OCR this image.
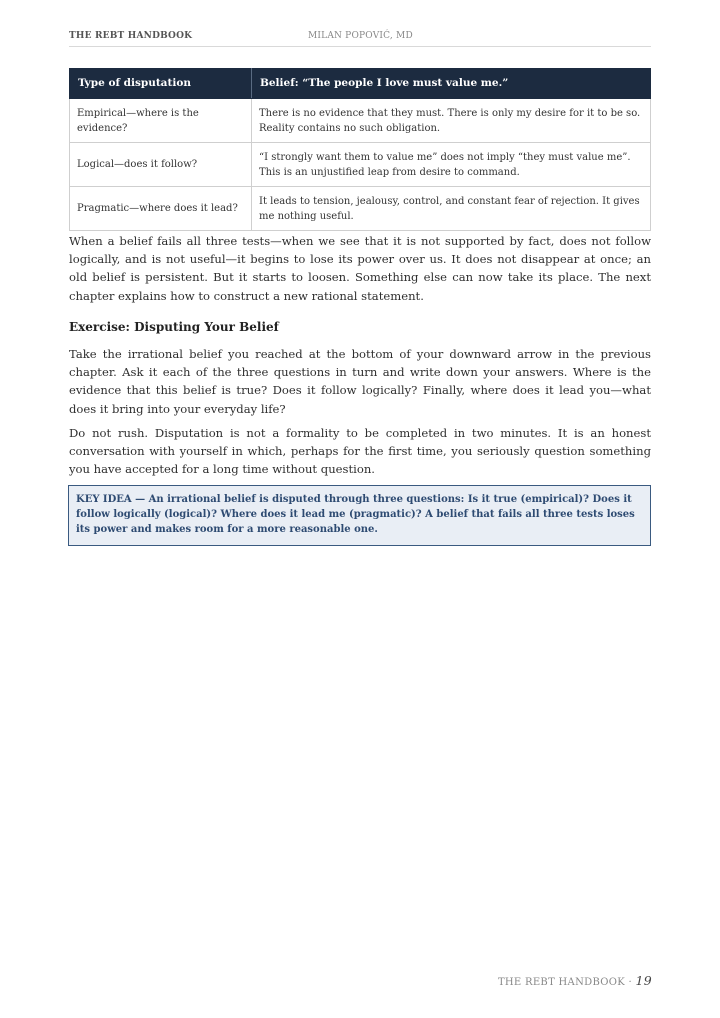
THE REBT HANDBOOK	MILAN POPOVIĆ, MD
Type of disputation	Belief: “The people I love must value me.”
Empirical—where is the evidence?	There is no evidence that they must. There is only my desire for it to be so. Reality contains no such obligation.
Logical—does it follow?	“I strongly want them to value me” does not imply “they must value me”. This is an unjustified leap from desire to command.
Pragmatic—where does it lead?	It leads to tension, jealousy, control, and constant fear of rejection. It gives me nothing useful.

When a belief fails all three tests—when we see that it is not supported by fact, does not follow logically, and is not useful—it begins to lose its power over us. It does not disappear at once; an old belief is persistent. But it starts to loosen. Something else can now take its place. The next chapter explains how to construct a new rational statement.

Exercise: Disputing Your Belief

Take the irrational belief you reached at the bottom of your downward arrow in the previous chapter. Ask it each of the three questions in turn and write down your answers. Where is the evidence that this belief is true? Does it follow logically? Finally, where does it lead you—what does it bring into your everyday life?

Do not rush. Disputation is not a formality to be completed in two minutes. It is an honest conversation with yourself in which, perhaps for the first time, you seriously question something you have accepted for a long time without question.

KEY IDEA — An irrational belief is disputed through three questions: Is it true (empirical)? Does it follow logically (logical)? Where does it lead me (pragmatic)? A belief that fails all three tests loses its power and makes room for a more reasonable one.
THE REBT HANDBOOK · 19
